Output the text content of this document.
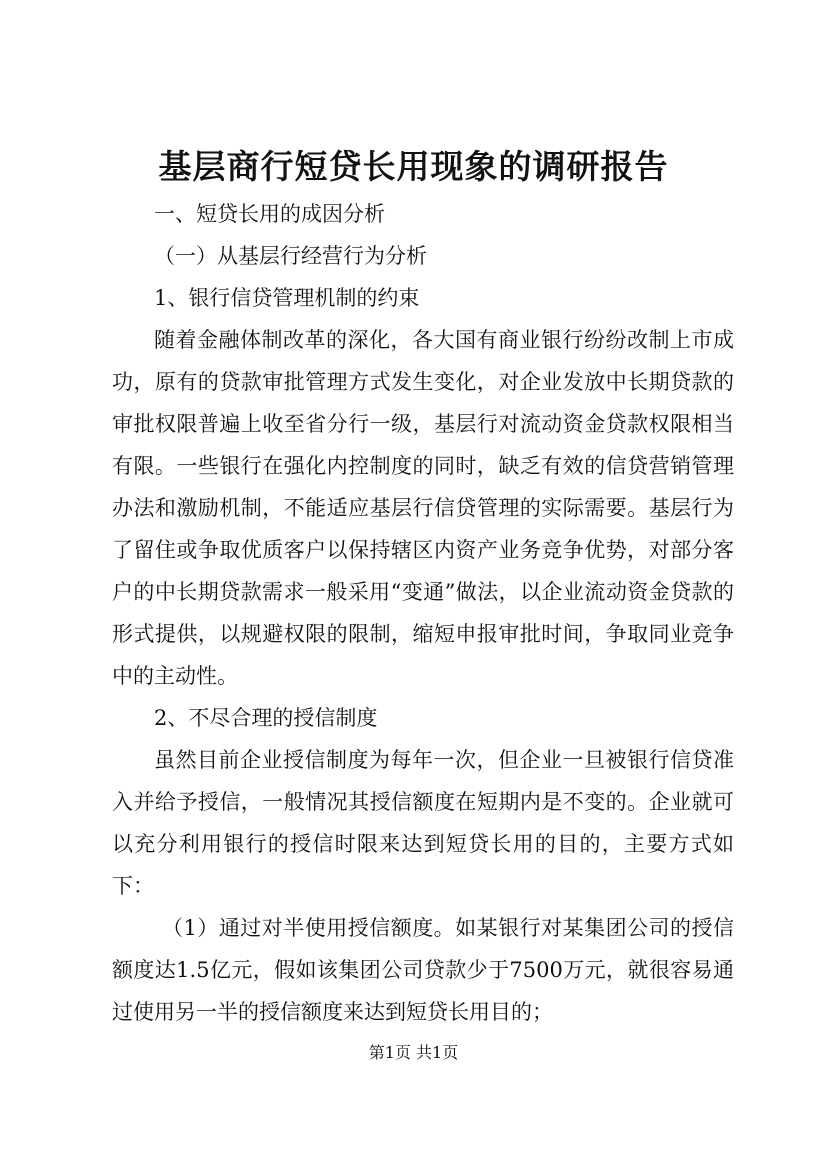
基层商行短贷长用现象的调研报告

一、短贷长用的成因分析

（一）从基层行经营行为分析

1、银行信贷管理机制的约束

随着金融体制改革的深化，各大国有商业银行纷纷改制上市成功，原有的贷款审批管理方式发生变化，对企业发放中长期贷款的审批权限普遍上收至省分行一级，基层行对流动资金贷款权限相当有限。一些银行在强化内控制度的同时，缺乏有效的信贷营销管理办法和激励机制，不能适应基层行信贷管理的实际需要。基层行为了留住或争取优质客户以保持辖区内资产业务竞争优势，对部分客户的中长期贷款需求一般采用“变通”做法，以企业流动资金贷款的形式提供，以规避权限的限制，缩短申报审批时间，争取同业竞争中的主动性。

2、不尽合理的授信制度

虽然目前企业授信制度为每年一次，但企业一旦被银行信贷准入并给予授信，一般情况其授信额度在短期内是不变的。企业就可以充分利用银行的授信时限来达到短贷长用的目的，主要方式如下：

（1）通过对半使用授信额度。如某银行对某集团公司的授信额度达1.5亿元，假如该集团公司贷款少于7500万元，就很容易通过使用另一半的授信额度来达到短贷长用目的；

第1页 共1页
